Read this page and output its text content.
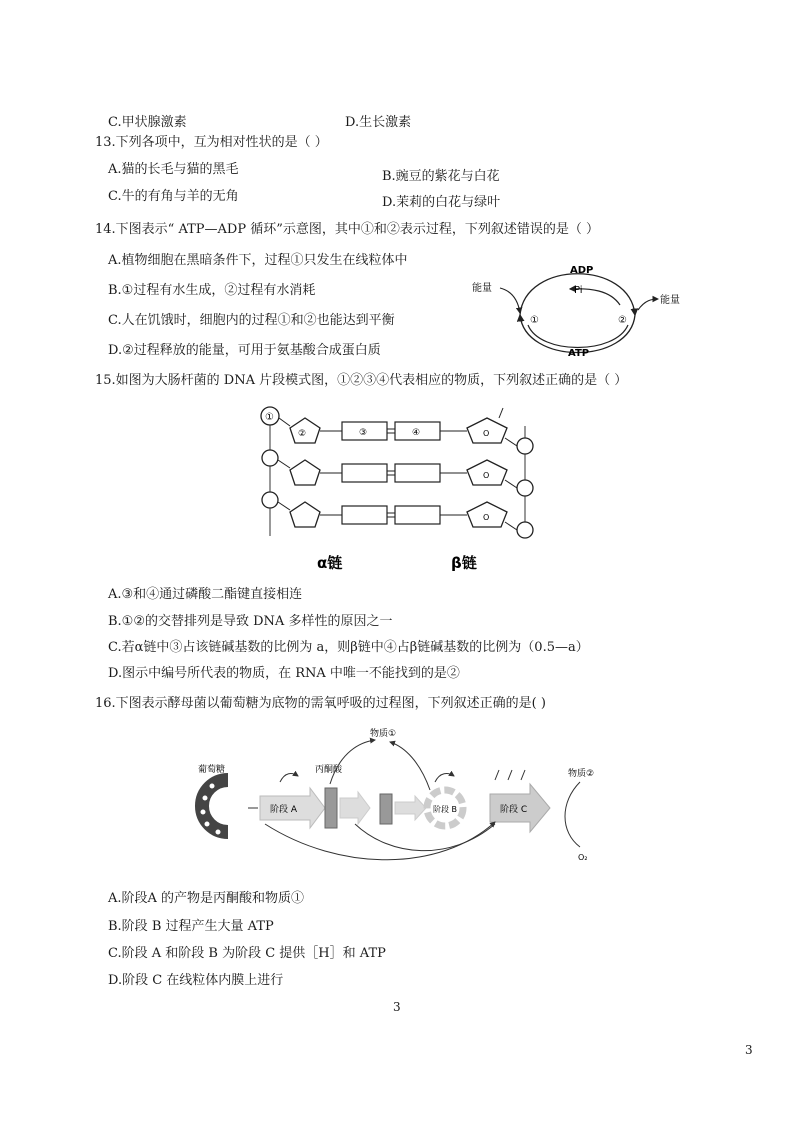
C.甲状腺激素	D.生长激素
13.下列各项中，互为相对性状的是（ ）
A.猫的长毛与猫的黑毛	B.豌豆的紫花与白花
C.牛的有角与羊的无角	D.茉莉的白花与绿叶
14.下图表示“ ATP—ADP 循环”示意图，其中①和②表示过程，下列叙述错误的是（ ）
A.植物细胞在黑暗条件下，过程①只发生在线粒体中
B.①过程有水生成，②过程有水消耗
C.人在饥饿时，细胞内的过程①和②也能达到平衡
D.②过程释放的能量，可用于氨基酸合成蛋白质
ADP
Pi
ATP
能量
能量
①	②
15.如图为大肠杆菌的 DNA 片段模式图，①②③④代表相应的物质，下列叙述正确的是（ ）
①
②	③	④	O
O
O
α链	β链
A.③和④通过磷酸二酯键直接相连
B.①②的交替排列是导致 DNA 多样性的原因之一
C.若α链中③占该链碱基数的比例为 a，则β链中④占β链碱基数的比例为（0.5—a）
D.图示中编号所代表的物质，在 RNA 中唯一不能找到的是②
16.下图表示酵母菌以葡萄糖为底物的需氧呼吸的过程图，下列叙述正确的是( )
葡萄糖
阶段 A
丙酮酸
物质①
阶段 B	阶段 C
物质②
O₂
A.阶段A 的产物是丙酮酸和物质①
B.阶段 B 过程产生大量 ATP
C.阶段 A 和阶段 B 为阶段 C 提供［H］和 ATP
D.阶段 C 在线粒体内膜上进行
3
3
